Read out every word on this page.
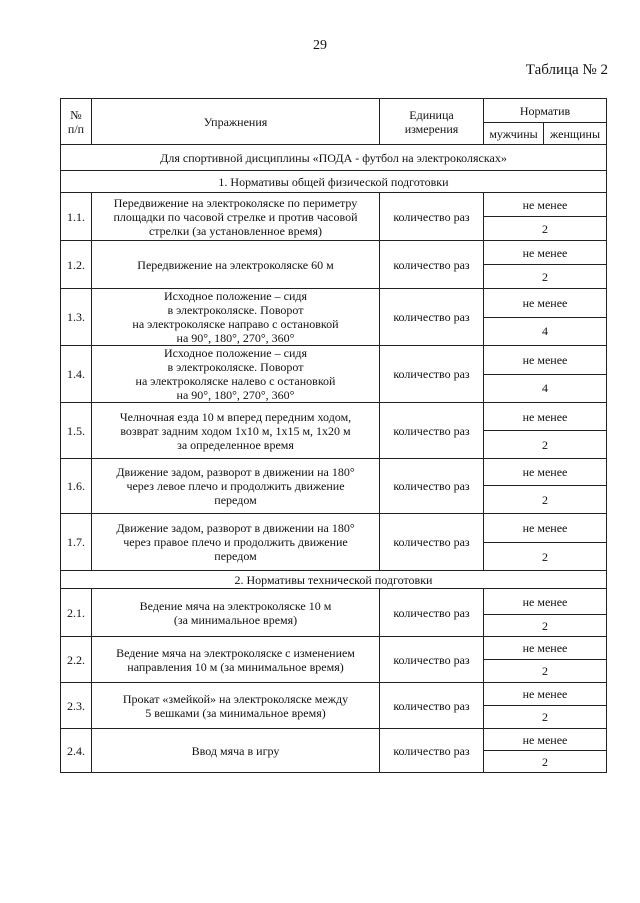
29
Таблица № 2
№
п/п	Упражнения	Единица
измерения	Норматив	
			мужчины	женщины
Для спортивной дисциплины «ПОДА - футбол на электроколясках»				
1. Нормативы общей физической подготовки				
1.1.	Передвижение на электроколяске по периметру
площадки по часовой стрелке и против часовой
стрелки (за установленное время)	количество раз	не менее	
			2	
1.2.	Передвижение на электроколяске 60 м	количество раз	не менее	
			2	
1.3.	Исходное положение – сидя
в электроколяске. Поворот
на электроколяске направо с остановкой
на 90°, 180°, 270°, 360°	количество раз	не менее	
			4	
1.4.	Исходное положение – сидя
в электроколяске. Поворот
на электроколяске налево с остановкой
на 90°, 180°, 270°, 360°	количество раз	не менее	
			4	
1.5.	Челночная езда 10 м вперед передним ходом,
возврат задним ходом 1х10 м, 1х15 м, 1х20 м
за определенное время	количество раз	не менее	
			2	
1.6.	Движение задом, разворот в движении на 180°
через левое плечо и продолжить движение
передом	количество раз	не менее	
			2	
1.7.	Движение задом, разворот в движении на 180°
через правое плечо и продолжить движение
передом	количество раз	не менее	
			2	
2. Нормативы технической подготовки				
2.1.	Ведение мяча на электроколяске 10 м
(за минимальное время)	количество раз	не менее	
			2	
2.2.	Ведение мяча на электроколяске с изменением
направления 10 м (за минимальное время)	количество раз	не менее	
			2	
2.3.	Прокат «змейкой» на электроколяске между
5 вешками (за минимальное время)	количество раз	не менее	
			2	
2.4.	Ввод мяча в игру	количество раз	не менее	
			2	
